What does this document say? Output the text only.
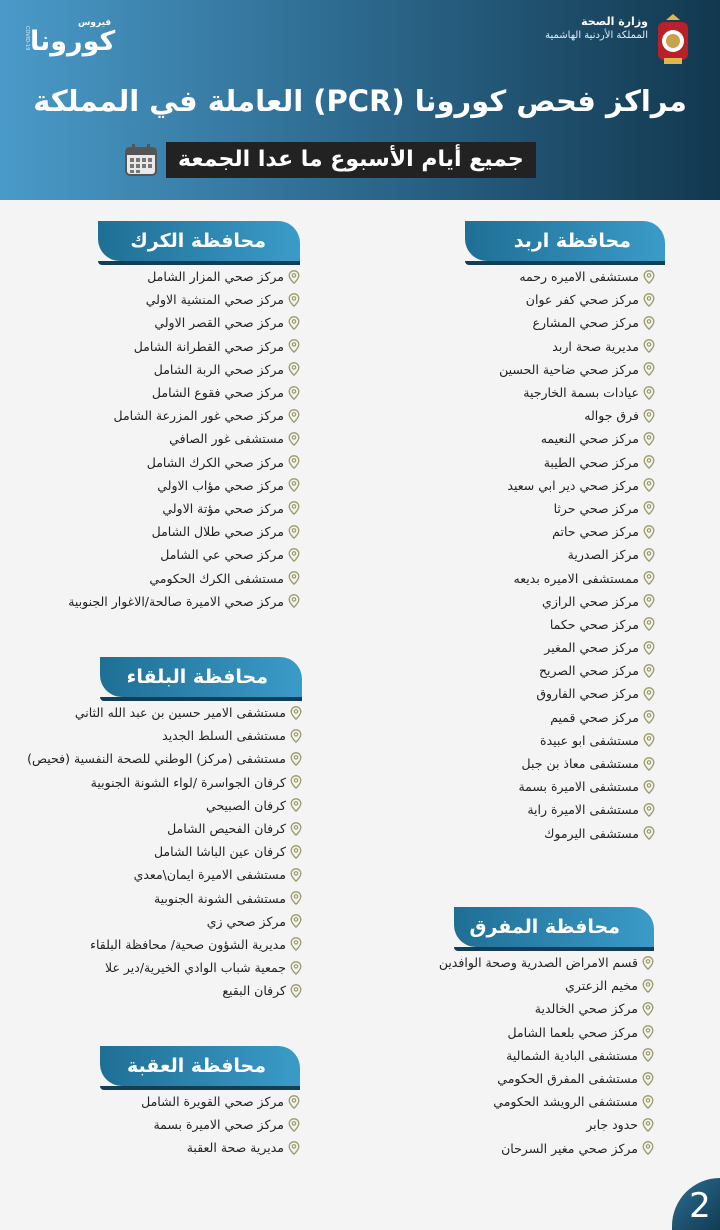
وزارة الصحة
المملكة الأردنية الهاشمية
COVID-19
فيروس
كورونا
مراكز فحص كورونا (PCR) العاملة في المملكة
جميع أيام الأسبوع ما عدا الجمعة
محافظة اربد
مستشفى الاميره رحمه
مركز صحي كفر عوان
مركز صحي المشارع
مديرية صحة اربد
مركز صحي ضاحية الحسين
عيادات بسمة الخارجية
فرق جواله
مركز صحي النعيمه
مركز صحي الطيبة
مركز صحي دير ابي سعيد
مركز صحي حرثا
مركز صحي حاتم
مركز الصدرية
ممستشفى الاميره بديعه
مركز صحي الرازي
مركز صحي حكما
مركز صحي المغير
مركز صحي الصريح
مركز صحي الفاروق
مركز صحي قميم
مستشفى ابو عبيدة
مستشفى معاذ بن جبل
مستشفى الاميرة بسمة
مستشفى الاميرة راية
مستشفى اليرموك
محافظة الكرك
مركز صحي المزار الشامل
مركز صحي المنشية الاولي
مركز صحي القصر الاولي
مركز صحي القطرانة الشامل
مركز صحي الربة الشامل
مركز صحي فقوع الشامل
مركز صحي غور المزرعة الشامل
مستشفى غور الصافي
مركز صحي الكرك الشامل
مركز صحي مؤاب الاولي
مركز صحي مؤتة الاولي
مركز صحي طلال الشامل
مركز صحي عي الشامل
مستشفى الكرك الحكومي
مركز صحي الاميرة صالحة/الاغوار الجنوبية
محافظة البلقاء
مستشفى الامير حسين بن عبد الله الثاني
مستشفى السلط الجديد
مستشفى (مركز) الوطني للصحة النفسية (فحيص)
كرفان الجواسرة /لواء الشونة الجنوبية
كرفان الصبيحي
كرفان الفحيص الشامل
كرفان عين الباشا الشامل
مستشفى الاميرة ايمان\معدي
مستشفى الشونة الجنوبية
مركز صحي زي
مديرية الشؤون صحية/ محافظة البلقاء
جمعية شباب الوادي الخيرية/دير علا
كرفان البقيع
محافظة المفرق
قسم الامراض الصدرية وصحة الوافدين
مخيم الزعتري
مركز صحي الخالدية
مركز صحي بلعما الشامل
مستشفى البادية الشمالية
مستشفى المفرق الحكومي
مستشفى الرويشد الحكومي
حدود جابر
مركز صحي مغير السرحان
محافظة العقبة
مركز صحي القويرة الشامل
مركز صحي الاميرة بسمة
مديرية صحة العقبة
2
